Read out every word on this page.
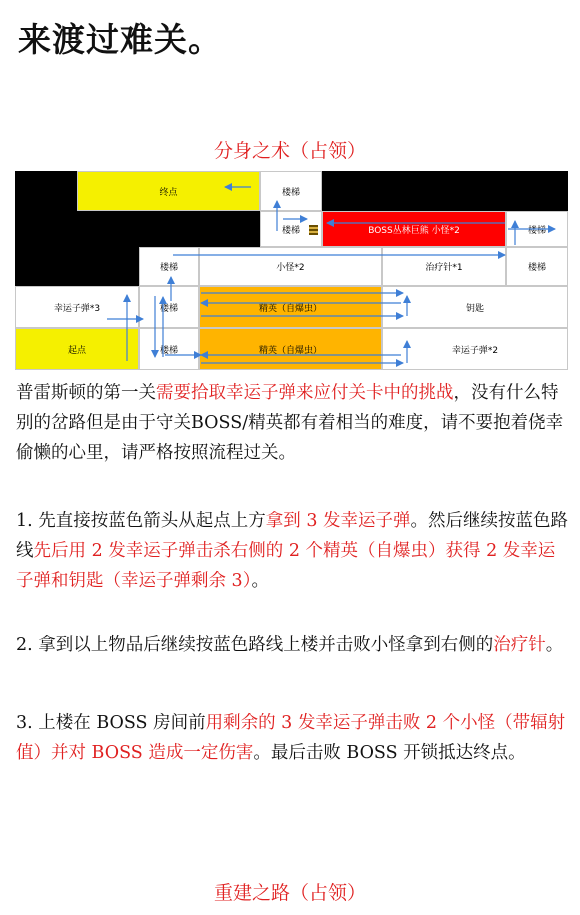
来渡过难关。
分身之术（占领）
终点	楼梯
楼梯	BOSS丛林巨熊 小怪*2	楼梯
楼梯	小怪*2	治疗针*1	楼梯
幸运子弹*3	楼梯	精英（自爆虫）	钥匙
起点	楼梯	精英（自爆虫）	幸运子弹*2

普雷斯顿的第一关需要拾取幸运子弹来应付关卡中的挑战，没有什么特别的岔路但是由于守关BOSS/精英都有着相当的难度，请不要抱着侥幸偷懒的心里，请严格按照流程过关。

1. 先直接按蓝色箭头从起点上方拿到 3 发幸运子弹。然后继续按蓝色路线先后用 2 发幸运子弹击杀右侧的 2 个精英（自爆虫）获得 2 发幸运子弹和钥匙（幸运子弹剩余 3）。

2. 拿到以上物品后继续按蓝色路线上楼并击败小怪拿到右侧的治疗针。

3. 上楼在 BOSS 房间前用剩余的 3 发幸运子弹击败 2 个小怪（带辐射值）并对 BOSS 造成一定伤害。最后击败 BOSS 开锁抵达终点。

重建之路（占领）
